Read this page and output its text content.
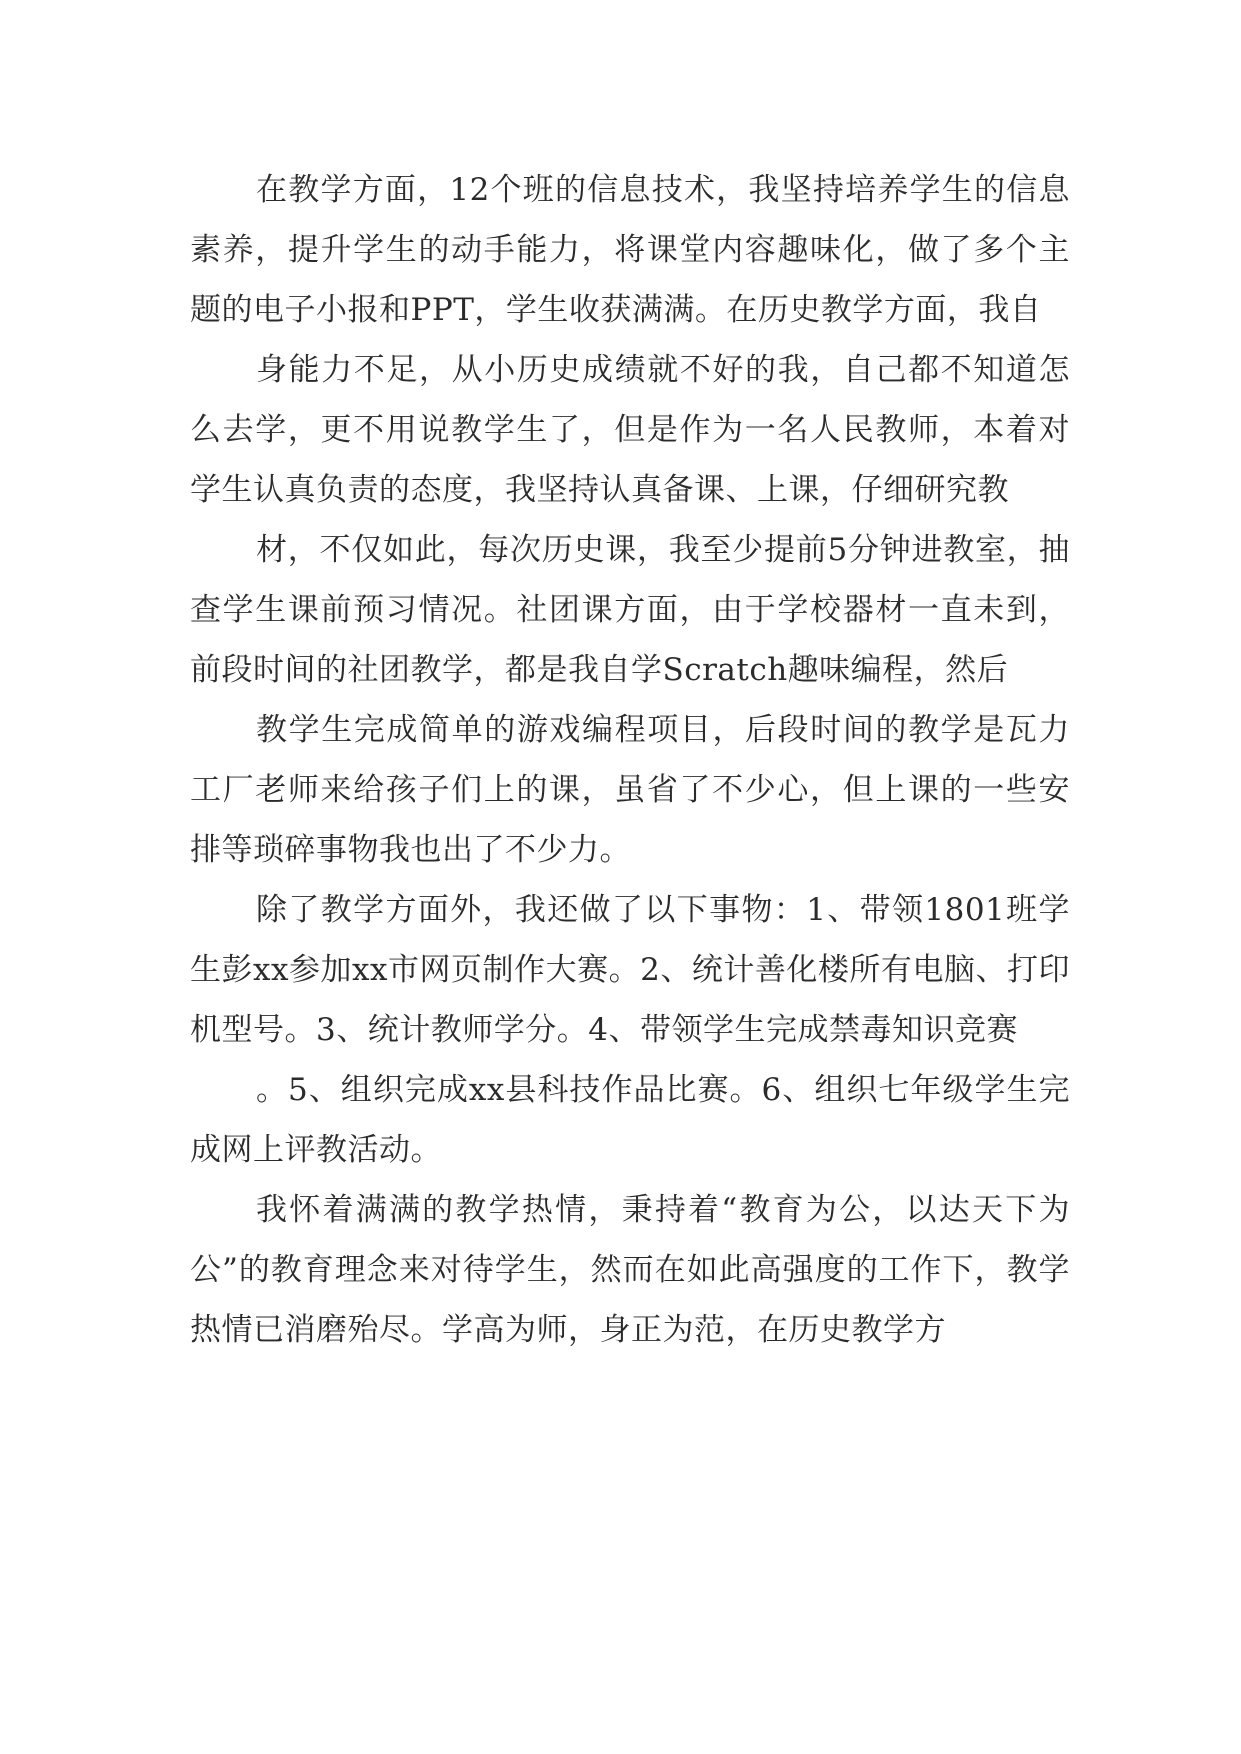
在教学方面，12个班的信息技术，我坚持培养学生的信息素养，提升学生的动手能力，将课堂内容趣味化，做了多个主题的电子小报和PPT，学生收获满满。在历史教学方面，我自

身能力不足，从小历史成绩就不好的我，自己都不知道怎么去学，更不用说教学生了，但是作为一名人民教师，本着对学生认真负责的态度，我坚持认真备课、上课，仔细研究教

材，不仅如此，每次历史课，我至少提前5分钟进教室，抽查学生课前预习情况。社团课方面，由于学校器材一直未到，前段时间的社团教学，都是我自学Scratch趣味编程，然后

教学生完成简单的游戏编程项目，后段时间的教学是瓦力工厂老师来给孩子们上的课，虽省了不少心，但上课的一些安排等琐碎事物我也出了不少力。

除了教学方面外，我还做了以下事物：1、带领1801班学生彭xx参加xx市网页制作大赛。2、统计善化楼所有电脑、打印机型号。3、统计教师学分。4、带领学生完成禁毒知识竞赛

。5、组织完成xx县科技作品比赛。6、组织七年级学生完成网上评教活动。

我怀着满满的教学热情，秉持着“教育为公，以达天下为公”的教育理念来对待学生，然而在如此高强度的工作下，教学热情已消磨殆尽。学高为师，身正为范，在历史教学方
